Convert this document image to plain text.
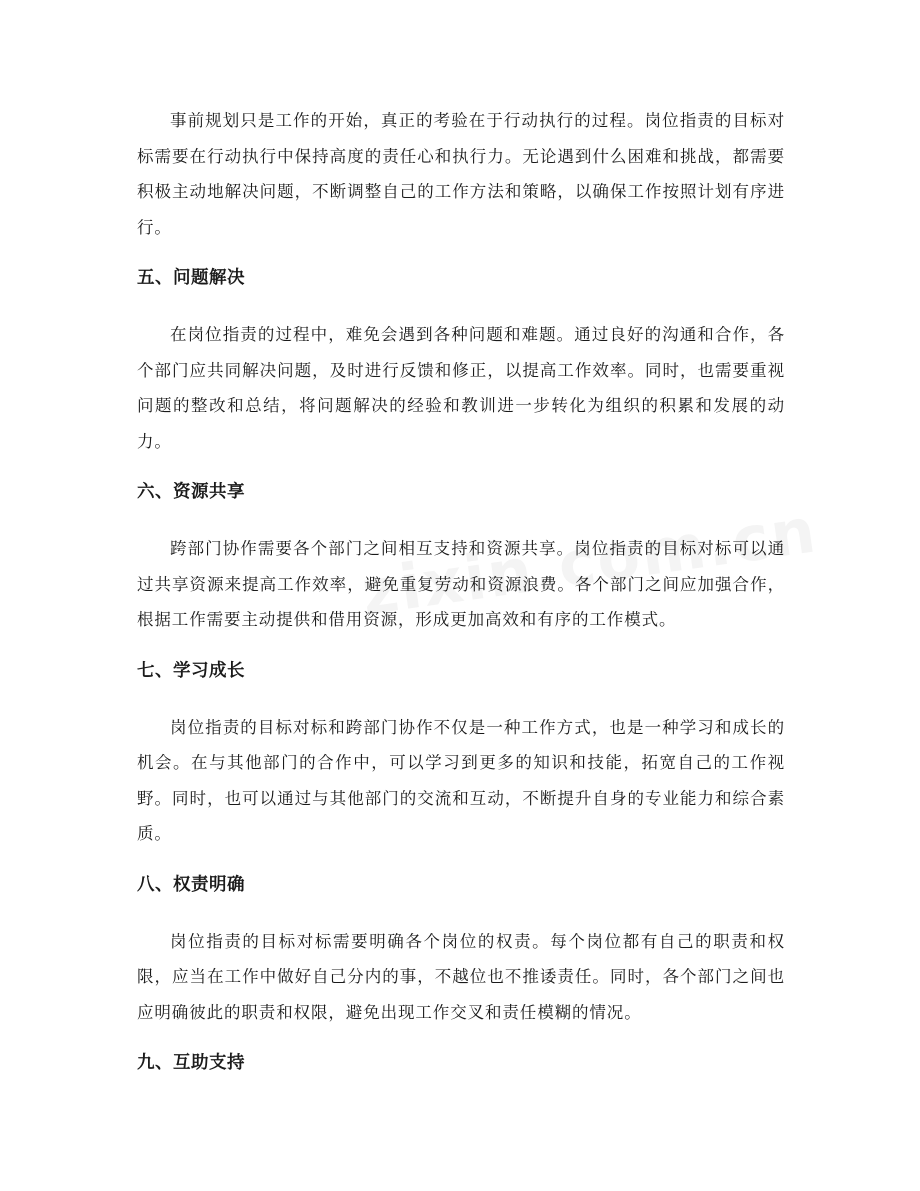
事前规划只是工作的开始，真正的考验在于行动执行的过程。岗位指责的目标对标需要在行动执行中保持高度的责任心和执行力。无论遇到什么困难和挑战，都需要积极主动地解决问题，不断调整自己的工作方法和策略，以确保工作按照计划有序进行。

五、问题解决

在岗位指责的过程中，难免会遇到各种问题和难题。通过良好的沟通和合作，各个部门应共同解决问题，及时进行反馈和修正，以提高工作效率。同时，也需要重视问题的整改和总结，将问题解决的经验和教训进一步转化为组织的积累和发展的动力。

六、资源共享

跨部门协作需要各个部门之间相互支持和资源共享。岗位指责的目标对标可以通过共享资源来提高工作效率，避免重复劳动和资源浪费。各个部门之间应加强合作，根据工作需要主动提供和借用资源，形成更加高效和有序的工作模式。

七、学习成长

岗位指责的目标对标和跨部门协作不仅是一种工作方式，也是一种学习和成长的机会。在与其他部门的合作中，可以学习到更多的知识和技能，拓宽自己的工作视野。同时，也可以通过与其他部门的交流和互动，不断提升自身的专业能力和综合素质。

八、权责明确

岗位指责的目标对标需要明确各个岗位的权责。每个岗位都有自己的职责和权限，应当在工作中做好自己分内的事，不越位也不推诿责任。同时，各个部门之间也应明确彼此的职责和权限，避免出现工作交叉和责任模糊的情况。

九、互助支持
